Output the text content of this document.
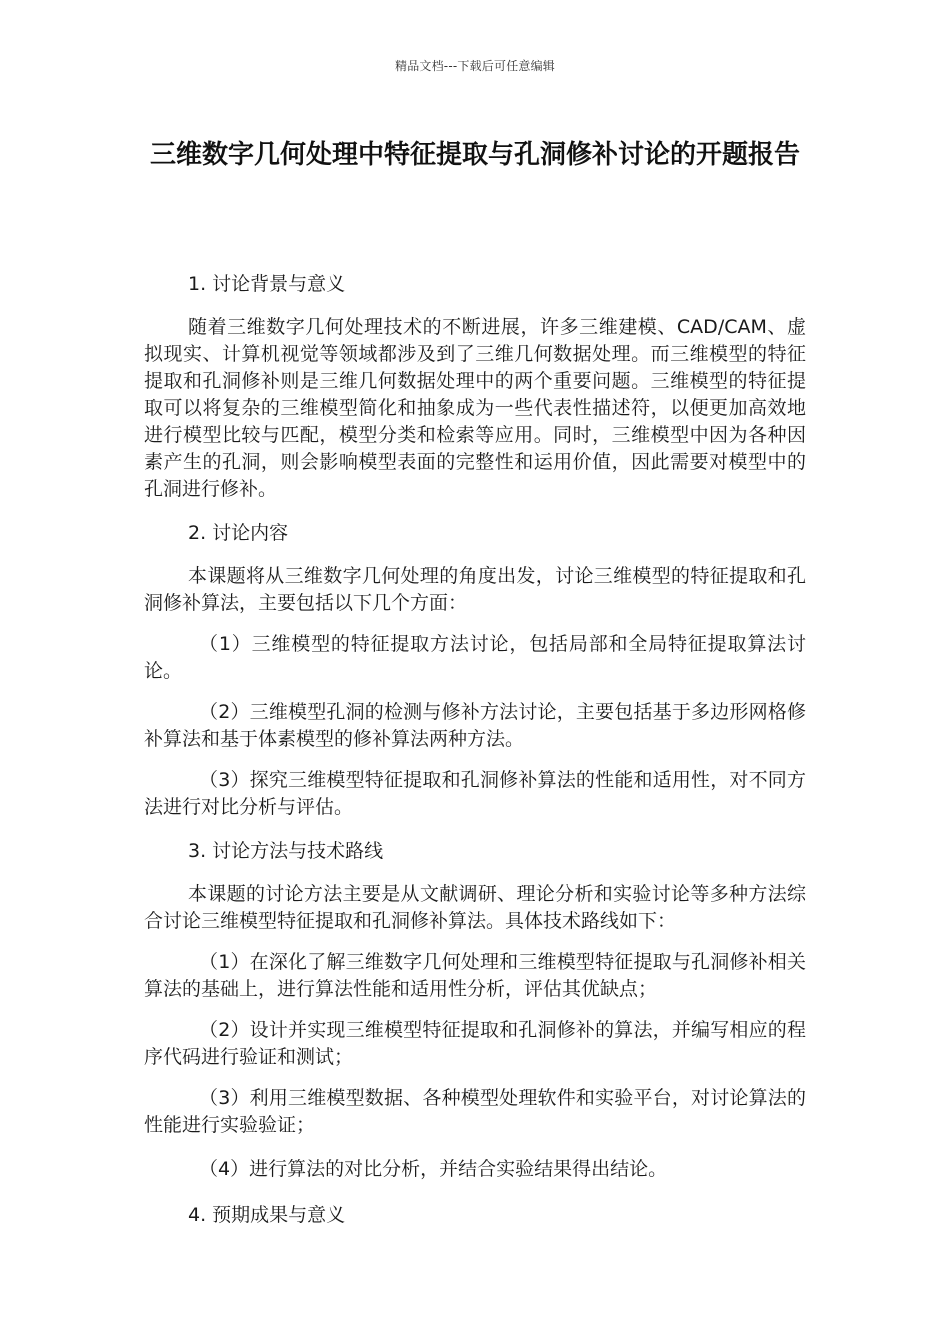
精品文档---下载后可任意编辑
三维数字几何处理中特征提取与孔洞修补讨论的开题报告

1. 讨论背景与意义

随着三维数字几何处理技术的不断进展，许多三维建模、CAD/CAM、虚拟现实、计算机视觉等领域都涉及到了三维几何数据处理。而三维模型的特征提取和孔洞修补则是三维几何数据处理中的两个重要问题。三维模型的特征提取可以将复杂的三维模型简化和抽象成为一些代表性描述符，以便更加高效地进行模型比较与匹配，模型分类和检索等应用。同时，三维模型中因为各种因素产生的孔洞，则会影响模型表面的完整性和运用价值，因此需要对模型中的孔洞进行修补。

2. 讨论内容

本课题将从三维数字几何处理的角度出发，讨论三维模型的特征提取和孔洞修补算法，主要包括以下几个方面：

（1）三维模型的特征提取方法讨论，包括局部和全局特征提取算法讨论。

（2）三维模型孔洞的检测与修补方法讨论，主要包括基于多边形网格修补算法和基于体素模型的修补算法两种方法。

（3）探究三维模型特征提取和孔洞修补算法的性能和适用性，对不同方法进行对比分析与评估。

3. 讨论方法与技术路线

本课题的讨论方法主要是从文献调研、理论分析和实验讨论等多种方法综合讨论三维模型特征提取和孔洞修补算法。具体技术路线如下：

（1）在深化了解三维数字几何处理和三维模型特征提取与孔洞修补相关算法的基础上，进行算法性能和适用性分析，评估其优缺点；

（2）设计并实现三维模型特征提取和孔洞修补的算法，并编写相应的程序代码进行验证和测试；

（3）利用三维模型数据、各种模型处理软件和实验平台，对讨论算法的性能进行实验验证；

（4）进行算法的对比分析，并结合实验结果得出结论。

4. 预期成果与意义
